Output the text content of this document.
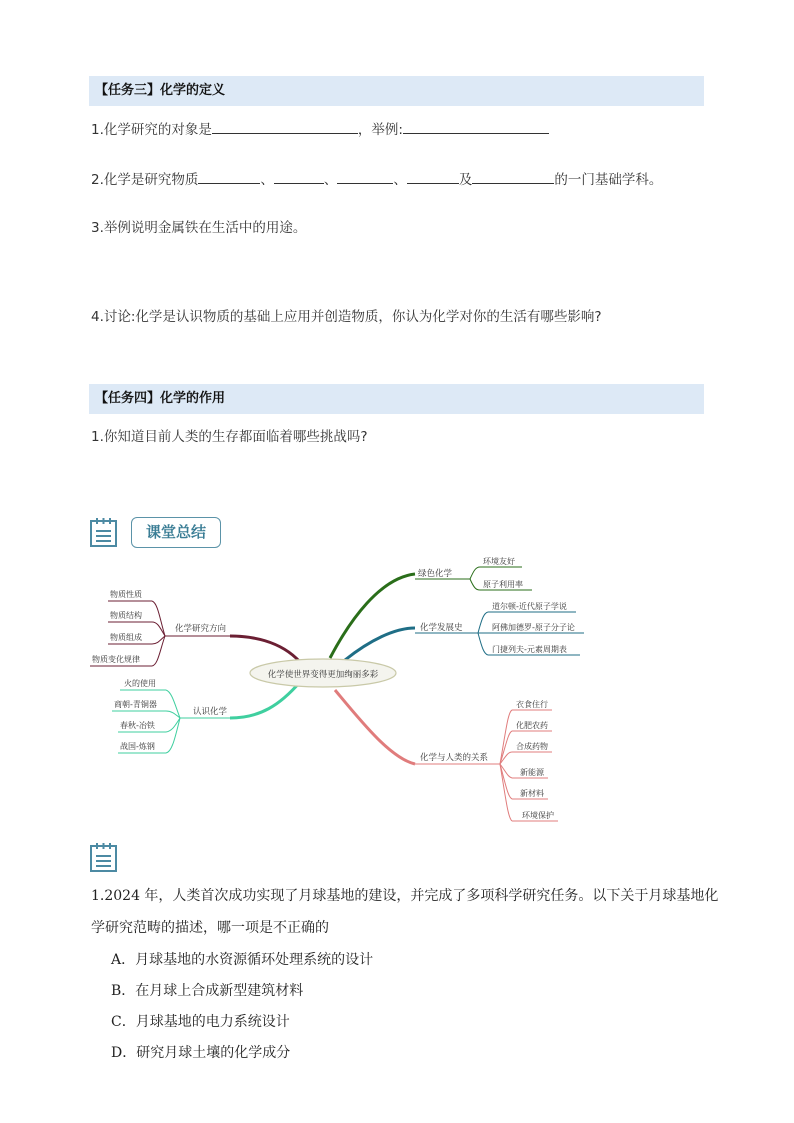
【任务三】化学的定义
1.化学研究的对象是	，举例:
2.化学是研究物质	、	、	、	及	的一门基础学科。
3.举例说明金属铁在生活中的用途。
4.讨论:化学是认识物质的基础上应用并创造物质，你认为化学对你的生活有哪些影响?
【任务四】化学的作用
1.你知道目前人类的生存都面临着哪些挑战吗?
课堂总结
化学使世界变得更加绚丽多彩
化学研究方向
物质性质
物质结构
物质组成
物质变化规律
认识化学
火的使用
商朝-青铜器
春秋-冶铁
战国-炼钢
绿色化学
环境友好
原子利用率
化学发展史
道尔顿-近代原子学说
阿佛加德罗-原子分子论
门捷列夫-元素周期表
化学与人类的关系
衣食住行
化肥农药
合成药物
新能源
新材料
环境保护
1.2024 年，人类首次成功实现了月球基地的建设，并完成了多项科学研究任务。以下关于月球基地化
学研究范畴的描述，哪一项是不正确的
A．月球基地的水资源循环处理系统的设计
B．在月球上合成新型建筑材料
C．月球基地的电力系统设计
D．研究月球土壤的化学成分
